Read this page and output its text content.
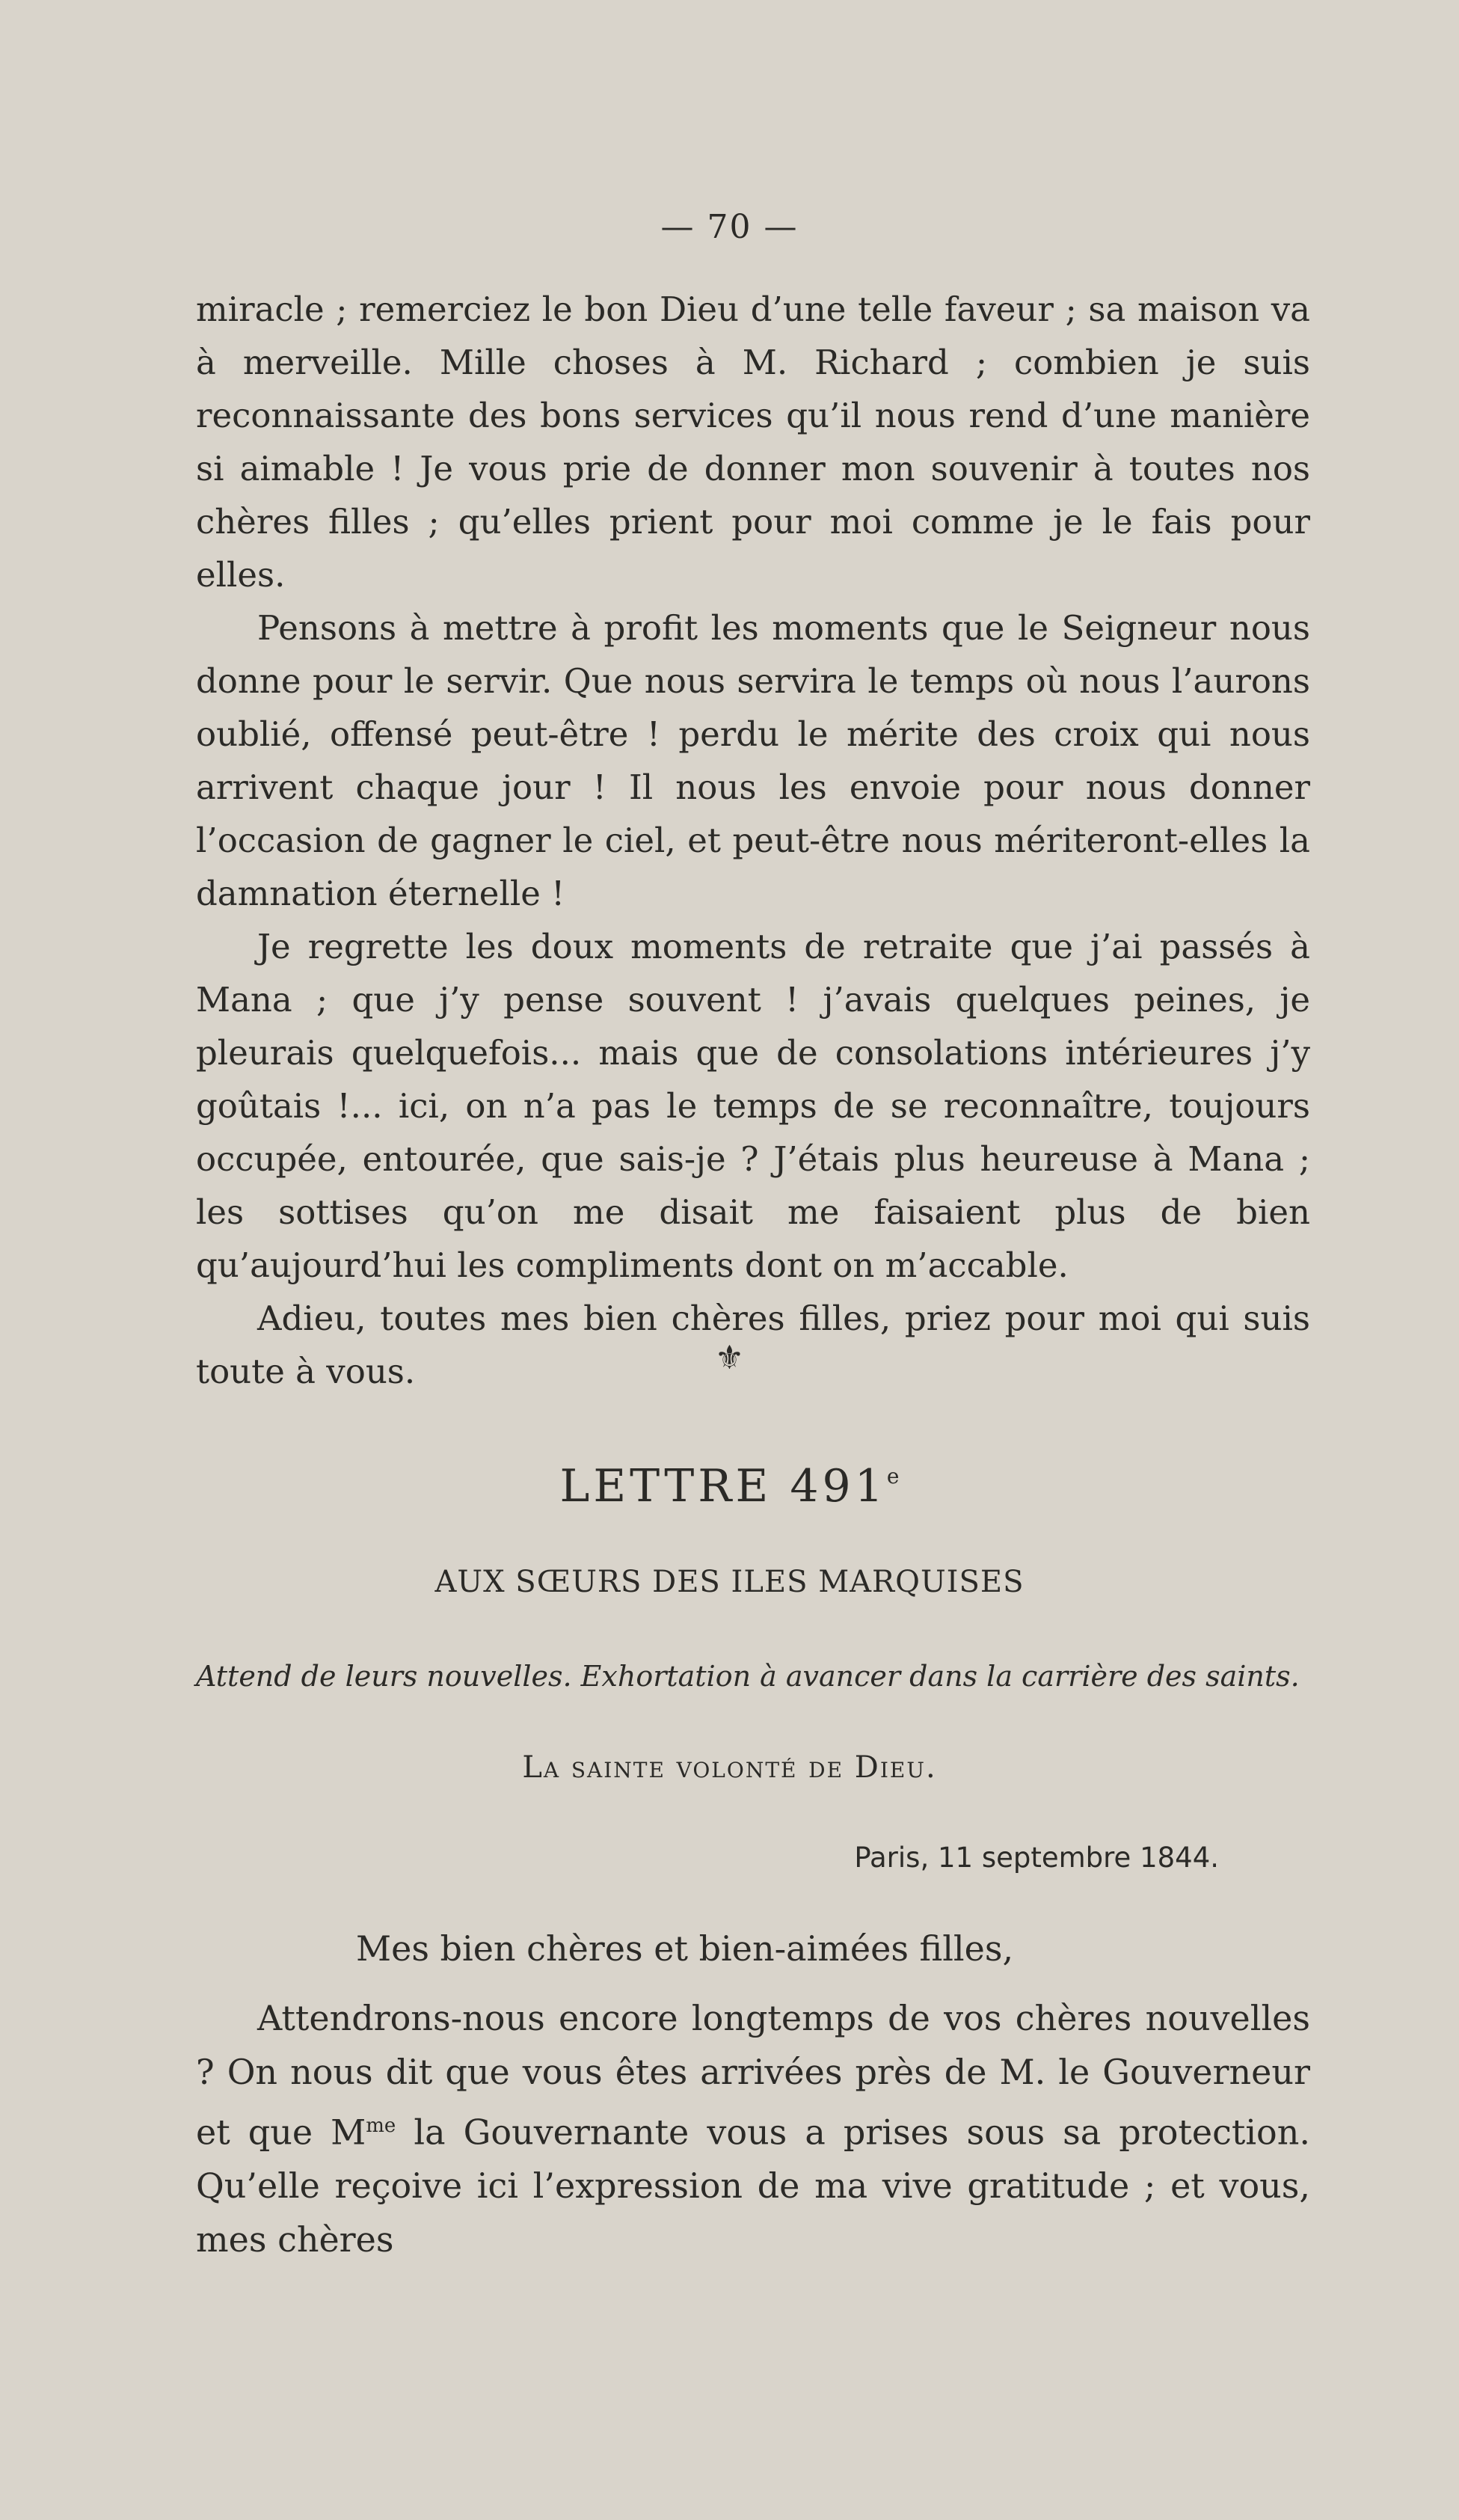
— 70 —

miracle ; remerciez le bon Dieu d’une telle faveur ; sa maison va à merveille. Mille choses à M. Richard ; combien je suis reconnaissante des bons services qu’il nous rend d’une manière si aimable ! Je vous prie de donner mon souvenir à toutes nos chères filles ; qu’elles prient pour moi comme je le fais pour elles.

Pensons à mettre à profit les moments que le Seigneur nous donne pour le servir. Que nous servira le temps où nous l’aurons oublié, offensé peut-être ! perdu le mérite des croix qui nous arrivent chaque jour ! Il nous les envoie pour nous donner l’occasion de gagner le ciel, et peut-être nous mériteront-elles la damnation éternelle !

Je regrette les doux moments de retraite que j’ai passés à Mana ; que j’y pense souvent ! j’avais quelques peines, je pleurais quelquefois... mais que de consolations intérieures j’y goûtais !... ici, on n’a pas le temps de se reconnaître, toujours occupée, entourée, que sais-je ? J’étais plus heureuse à Mana ; les sottises qu’on me disait me faisaient plus de bien qu’aujourd’hui les compliments dont on m’accable.

Adieu, toutes mes bien chères filles, priez pour moi qui suis toute à vous.	⚜
LETTRE 491e
AUX SŒURS DES ILES MARQUISES
Attend de leurs nouvelles. Exhortation à avancer dans la carrière des saints.
La sainte volonté de Dieu.
Paris, 11 septembre 1844.
Mes bien chères et bien-aimées filles,

Attendrons-nous encore longtemps de vos chères nouvelles ? On nous dit que vous êtes arrivées près de M. le Gouverneur et que $M^{me}$ la Gouvernante vous a prises sous sa protection. Qu’elle reçoive ici l’expression de ma vive gratitude ; et vous, mes chères
